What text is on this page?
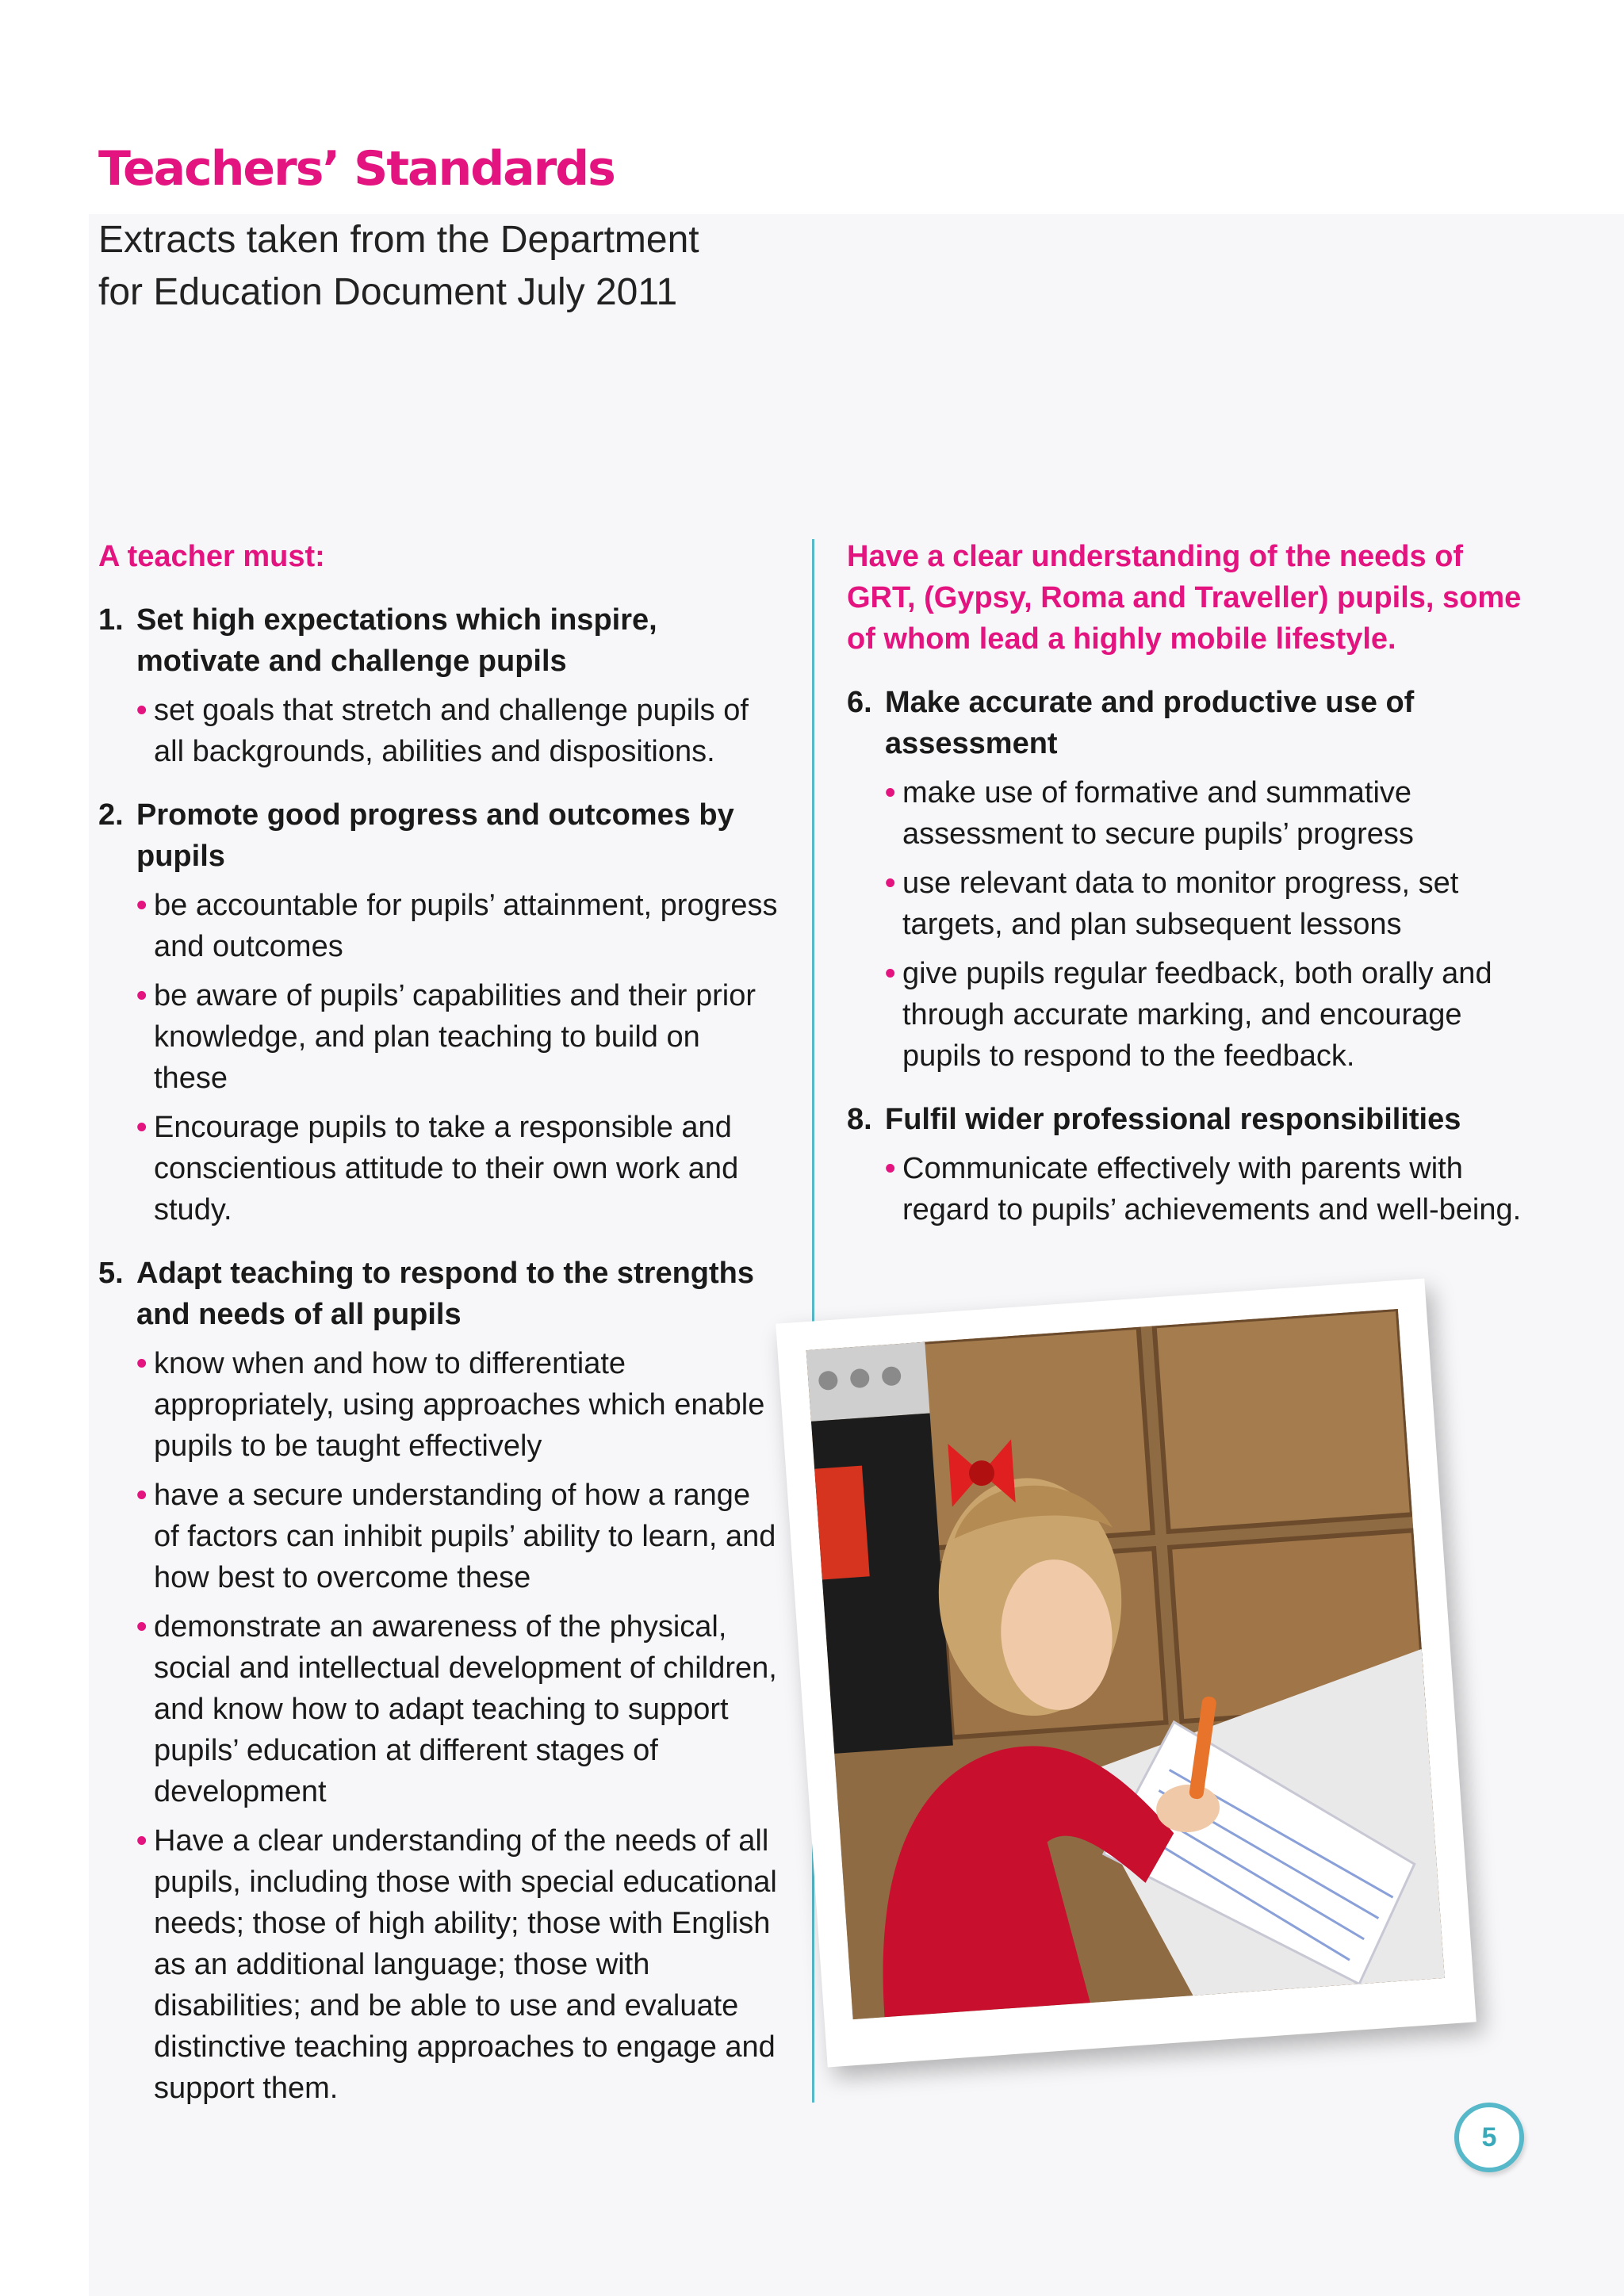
Teachers’ Standards

Extracts taken from the Department
for Education Document July 2011

A teacher must:

1. Set high expectations which inspire, motivate and challenge pupils

• set goals that stretch and challenge pupils of all backgrounds, abilities and dispositions.

2. Promote good progress and outcomes by pupils

• be accountable for pupils’ attainment, progress and outcomes

• be aware of pupils’ capabilities and their prior knowledge, and plan teaching to build on these

• Encourage pupils to take a responsible and conscientious attitude to their own work and study.

5. Adapt teaching to respond to the strengths and needs of all pupils

• know when and how to differentiate appropriately, using approaches which enable pupils to be taught effectively

• have a secure understanding of how a range of factors can inhibit pupils’ ability to learn, and how best to overcome these

• demonstrate an awareness of the physical, social and intellectual development of children, and know how to adapt teaching to support pupils’ education at different stages of development

• Have a clear understanding of the needs of all pupils, including those with special educational needs; those of high ability; those with English as an additional language; those with disabilities; and be able to use and evaluate distinctive teaching approaches to engage and support them.

Have a clear understanding of the needs of GRT, (Gypsy, Roma and Traveller) pupils, some of whom lead a highly mobile lifestyle.

6. Make accurate and productive use of assessment

• make use of formative and summative assessment to secure pupils’ progress

• use relevant data to monitor progress, set targets, and plan subsequent lessons

• give pupils regular feedback, both orally and through accurate marking, and encourage pupils to respond to the feedback.

8. Fulfil wider professional responsibilities

• Communicate effectively with parents with regard to pupils’ achievements and well-being.

5
